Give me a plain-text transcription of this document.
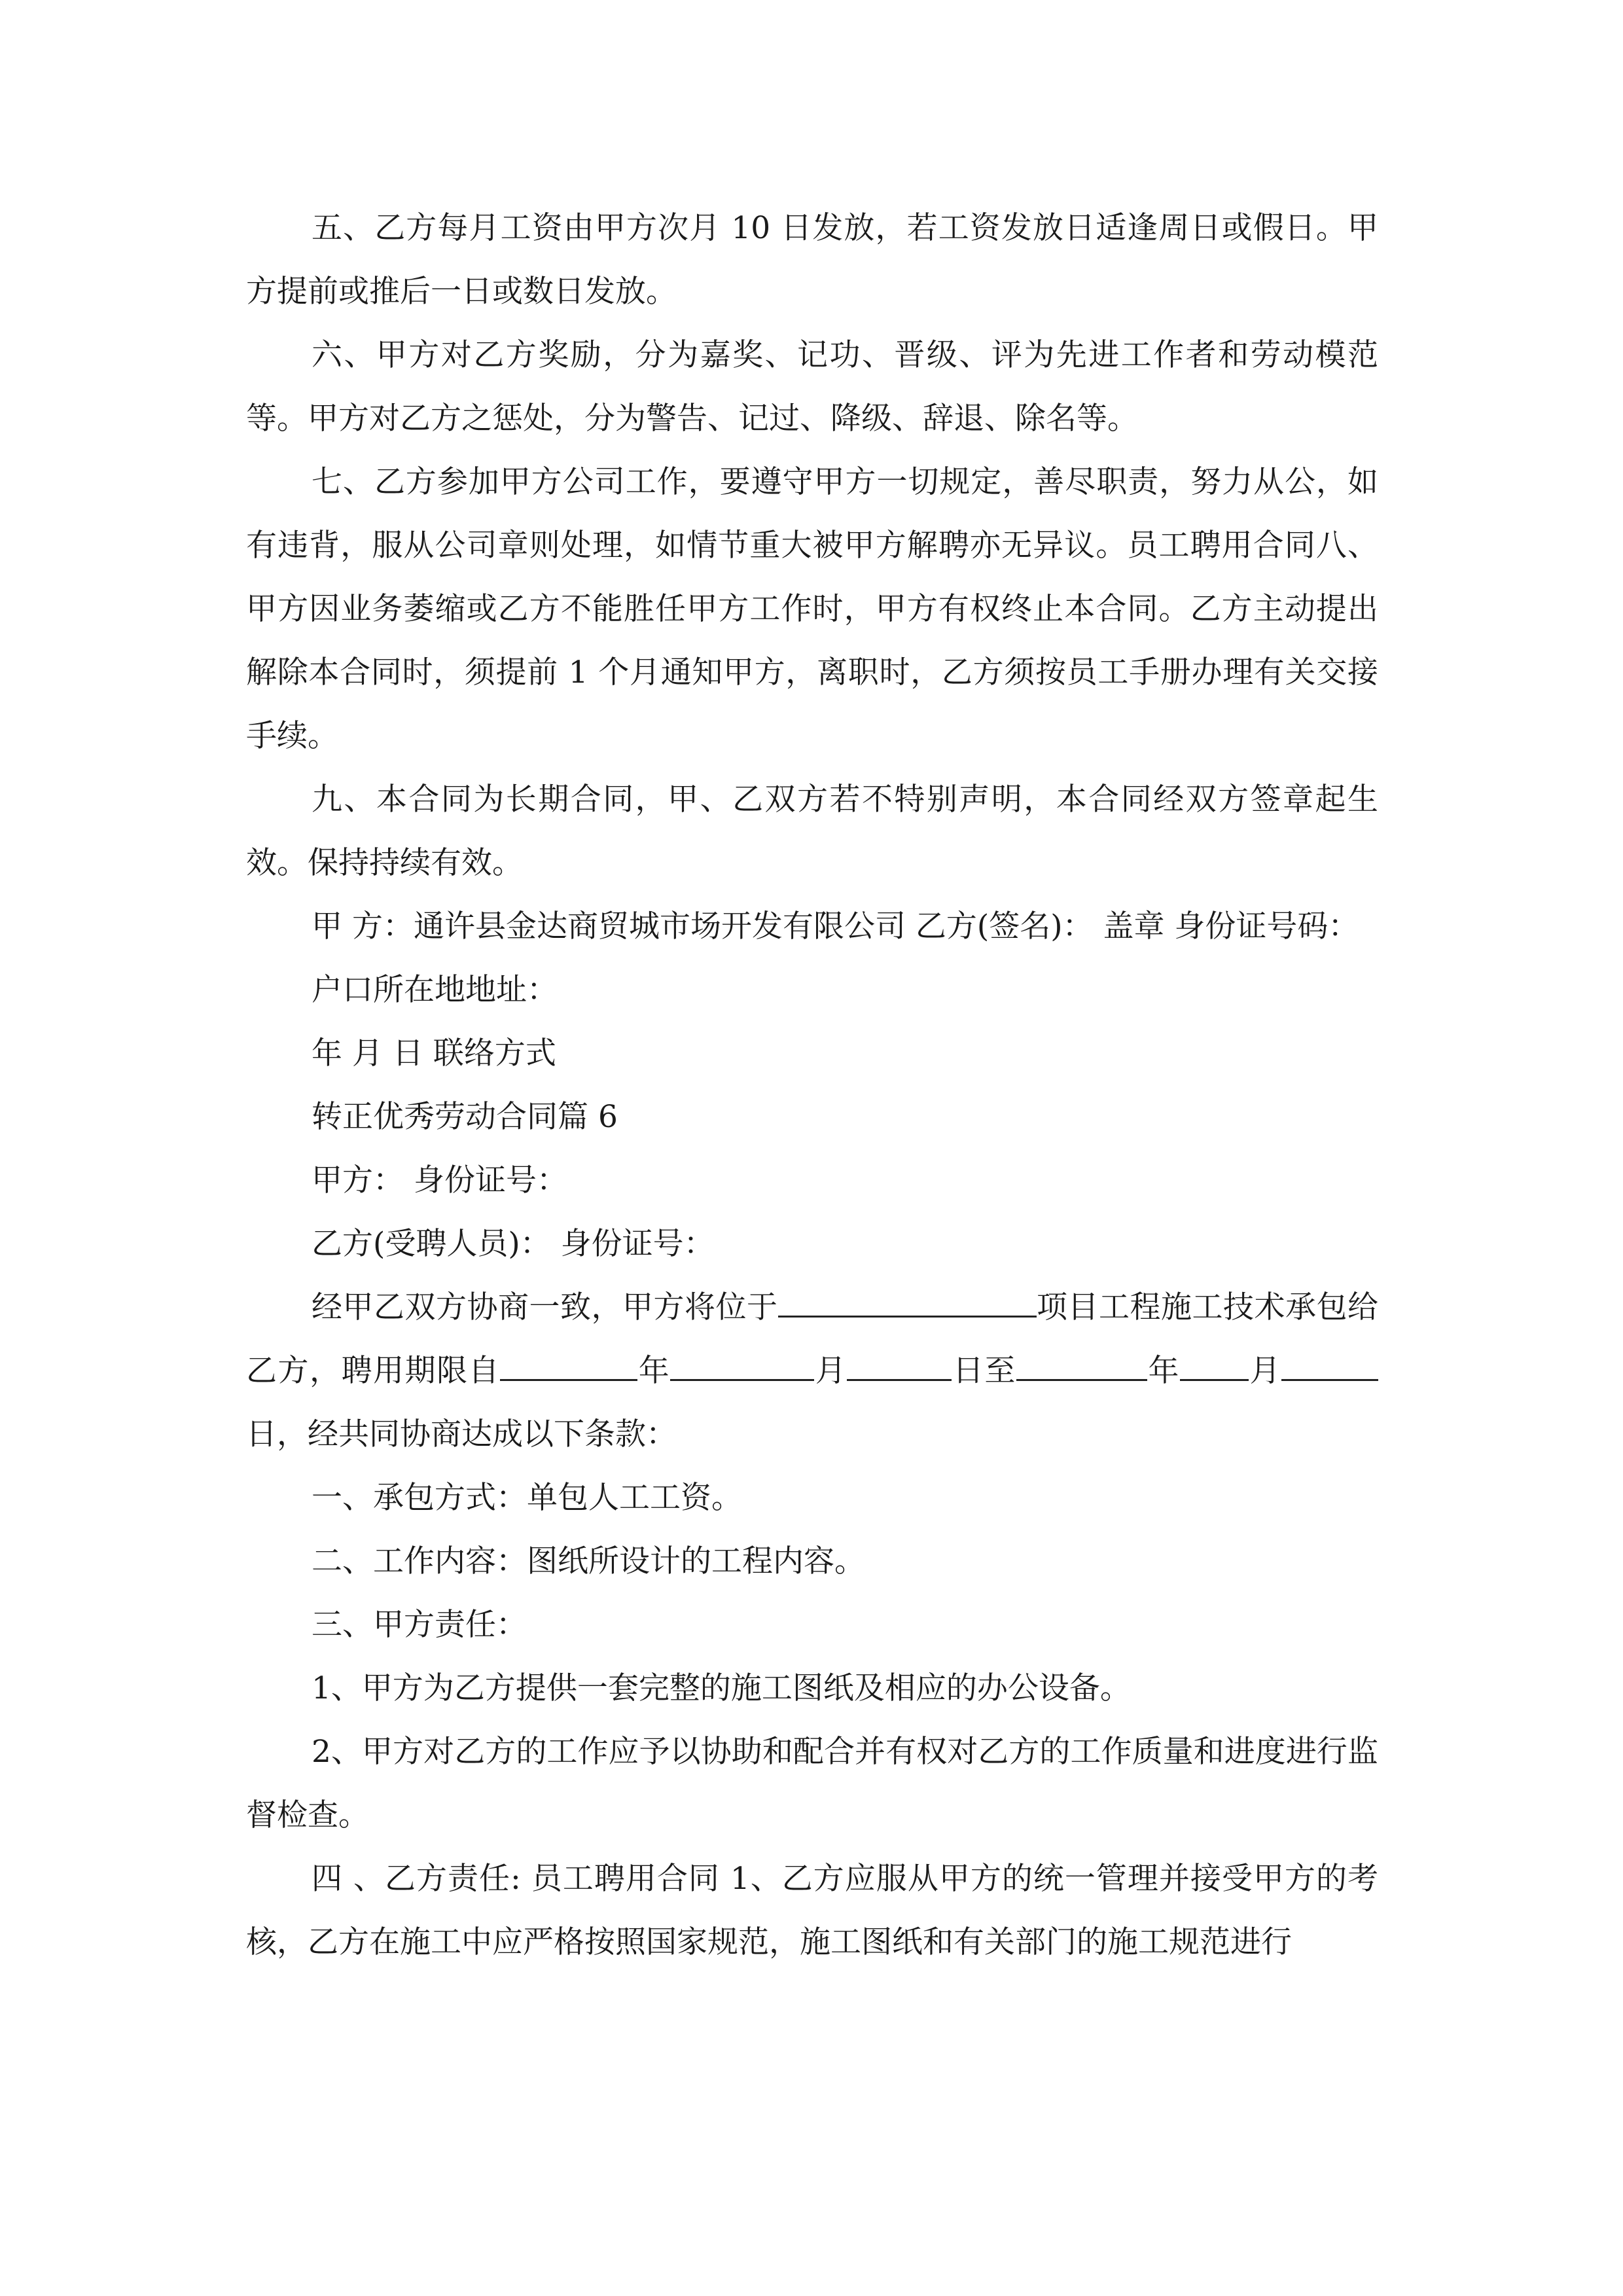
五、乙方每月工资由甲方次月 10 日发放，若工资发放日适逢周日或假日。甲方提前或推后一日或数日发放。

六、甲方对乙方奖励，分为嘉奖、记功、晋级、评为先进工作者和劳动模范等。甲方对乙方之惩处，分为警告、记过、降级、辞退、除名等。

七、乙方参加甲方公司工作，要遵守甲方一切规定，善尽职责，努力从公，如有违背，服从公司章则处理，如情节重大被甲方解聘亦无异议。员工聘用合同八、甲方因业务萎缩或乙方不能胜任甲方工作时，甲方有权终止本合同。乙方主动提出解除本合同时，须提前 1 个月通知甲方，离职时，乙方须按员工手册办理有关交接手续。

九、本合同为长期合同，甲、乙双方若不特别声明，本合同经双方签章起生效。保持持续有效。

甲 方：通许县金达商贸城市场开发有限公司 乙方(签名)： 盖章 身份证号码：

户口所在地地址：

年 月 日 联络方式

转正优秀劳动合同篇 6

甲方： 身份证号：

乙方(受聘人员)： 身份证号：

经甲乙双方协商一致，甲方将位于	项目工程施工技术承包给乙方，聘用期限自	年	月	日至	年 月日，经共同协商达成以下条款：

一、承包方式：单包人工工资。

二、工作内容：图纸所设计的工程内容。

三、甲方责任：

1、甲方为乙方提供一套完整的施工图纸及相应的办公设备。

2、甲方对乙方的工作应予以协助和配合并有权对乙方的工作质量和进度进行监督检查。

四 、乙方责任: 员工聘用合同 1、乙方应服从甲方的统一管理并接受甲方的考核，乙方在施工中应严格按照国家规范，施工图纸和有关部门的施工规范进行
